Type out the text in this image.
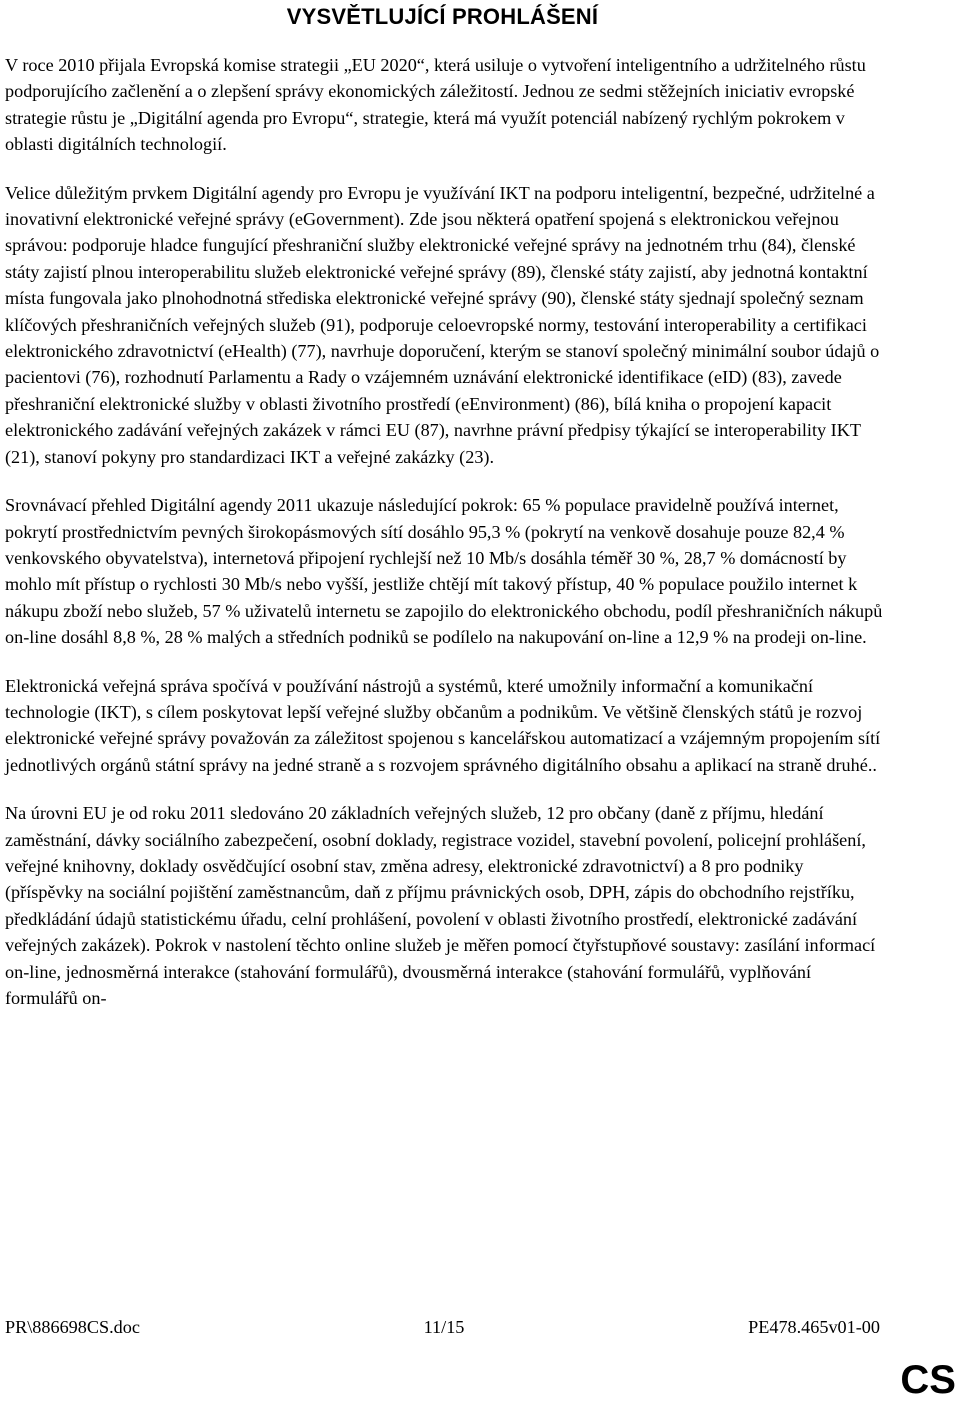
VYSVĚTLUJÍCÍ PROHLÁŠENÍ

V roce 2010 přijala Evropská komise strategii „EU 2020“, která usiluje o vytvoření inteligentního a udržitelného růstu podporujícího začlenění a o zlepšení správy ekonomických záležitostí. Jednou ze sedmi stěžejních iniciativ evropské strategie růstu je „Digitální agenda pro Evropu“, strategie, která má využít potenciál nabízený rychlým pokrokem v oblasti digitálních technologií.

Velice důležitým prvkem Digitální agendy pro Evropu je využívání IKT na podporu inteligentní, bezpečné, udržitelné a inovativní elektronické veřejné správy (eGovernment). Zde jsou některá opatření spojená s elektronickou veřejnou správou: podporuje hladce fungující přeshraniční služby elektronické veřejné správy na jednotném trhu (84), členské státy zajistí plnou interoperabilitu služeb elektronické veřejné správy (89), členské státy zajistí, aby jednotná kontaktní místa fungovala jako plnohodnotná střediska elektronické veřejné správy (90), členské státy sjednají společný seznam klíčových přeshraničních veřejných služeb (91), podporuje celoevropské normy, testování interoperability a certifikaci elektronického zdravotnictví (eHealth) (77), navrhuje doporučení, kterým se stanoví společný minimální soubor údajů o pacientovi (76), rozhodnutí Parlamentu a Rady o vzájemném uznávání elektronické identifikace (eID) (83), zavede přeshraniční elektronické služby v oblasti životního prostředí (eEnvironment) (86), bílá kniha o propojení kapacit elektronického zadávání veřejných zakázek v rámci EU (87), navrhne právní předpisy týkající se interoperability IKT (21), stanoví pokyny pro standardizaci IKT a veřejné zakázky (23).

Srovnávací přehled Digitální agendy 2011 ukazuje následující pokrok: 65 % populace pravidelně používá internet, pokrytí prostřednictvím pevných širokopásmových sítí dosáhlo 95,3 % (pokrytí na venkově dosahuje pouze 82,4 % venkovského obyvatelstva), internetová připojení rychlejší než 10 Mb/s dosáhla téměř 30 %, 28,7 % domácností by mohlo mít přístup o rychlosti 30 Mb/s nebo vyšší, jestliže chtějí mít takový přístup, 40 % populace použilo internet k nákupu zboží nebo služeb, 57 % uživatelů internetu se zapojilo do elektronického obchodu, podíl přeshraničních nákupů on-line dosáhl 8,8 %, 28 % malých a středních podniků se podílelo na nakupování on-line a 12,9 % na prodeji on-line.

Elektronická veřejná správa spočívá v používání nástrojů a systémů, které umožnily informační a komunikační technologie (IKT), s cílem poskytovat lepší veřejné služby občanům a podnikům. Ve většině členských států je rozvoj elektronické veřejné správy považován za záležitost spojenou s kancelářskou automatizací a vzájemným propojením sítí jednotlivých orgánů státní správy na jedné straně a s rozvojem správného digitálního obsahu a aplikací na straně druhé..

Na úrovni EU je od roku 2011 sledováno 20 základních veřejných služeb, 12 pro občany (daně z příjmu, hledání zaměstnání, dávky sociálního zabezpečení, osobní doklady, registrace vozidel, stavební povolení, policejní prohlášení, veřejné knihovny, doklady osvědčující osobní stav, změna adresy, elektronické zdravotnictví) a 8 pro podniky (příspěvky na sociální pojištění zaměstnancům, daň z příjmu právnických osob, DPH, zápis do obchodního rejstříku, předkládání údajů statistickému úřadu, celní prohlášení, povolení v oblasti životního prostředí, elektronické zadávání veřejných zakázek). Pokrok v nastolení těchto online služeb je měřen pomocí čtyřstupňové soustavy: zasílání informací on-line, jednosměrná interakce (stahování formulářů), dvousměrná interakce (stahování formulářů, vyplňování formulářů on-

PR\886698CS.doc	11/15	PE478.465v01-00
CS
